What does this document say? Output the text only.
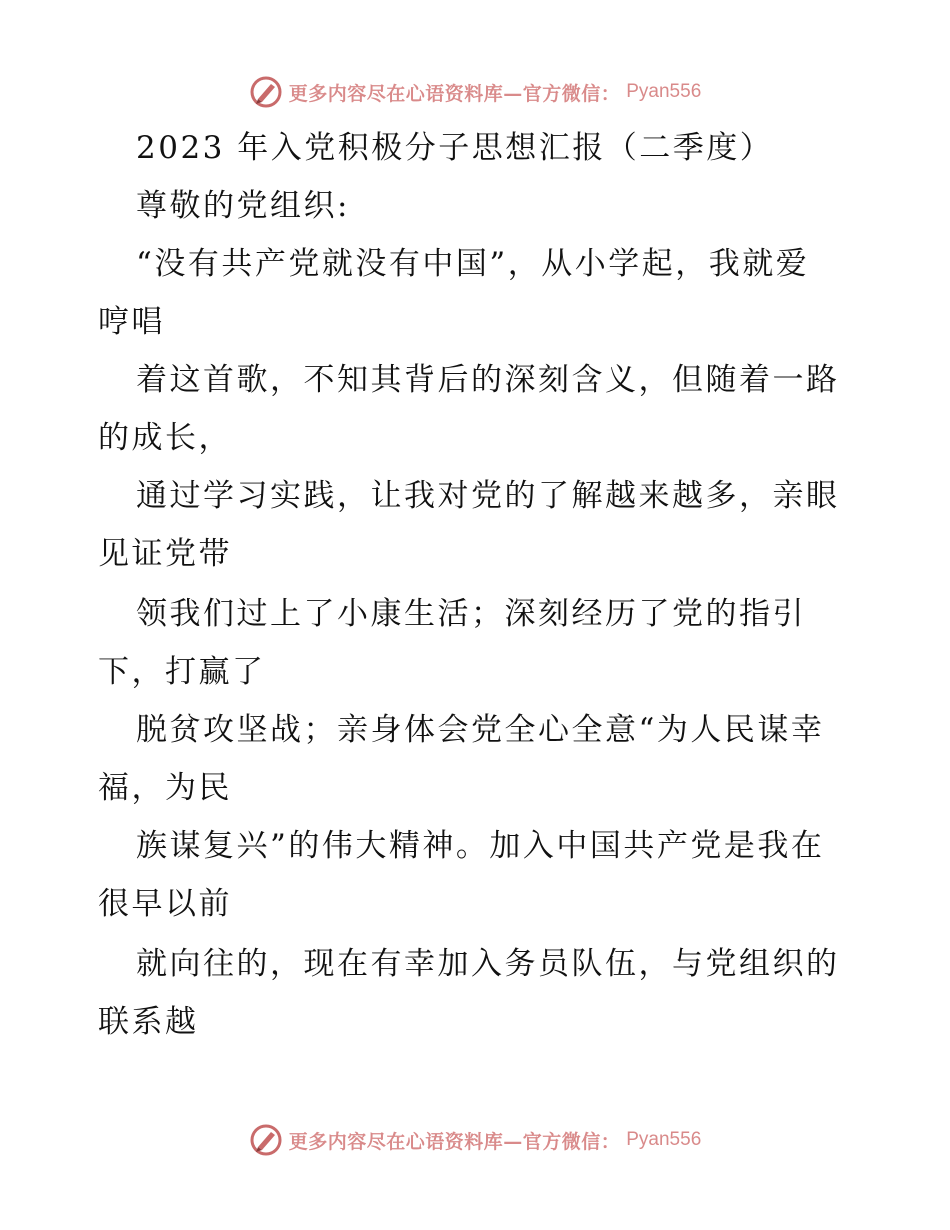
更多内容尽在心语资料库—官方微信： Pyan556
2023 年入党积极分子思想汇报（二季度）
尊敬的党组织:
“没有共产党就没有中国”，从小学起，我就爱
哼唱
着这首歌，不知其背后的深刻含义，但随着一路
的成长，
通过学习实践，让我对党的了解越来越多，亲眼
见证党带
领我们过上了小康生活；深刻经历了党的指引
下，打赢了
脱贫攻坚战；亲身体会党全心全意“为人民谋幸
福，为民
族谋复兴”的伟大精神。加入中国共产党是我在
很早以前
就向往的，现在有幸加入务员队伍，与党组织的
联系越
更多内容尽在心语资料库—官方微信： Pyan556
